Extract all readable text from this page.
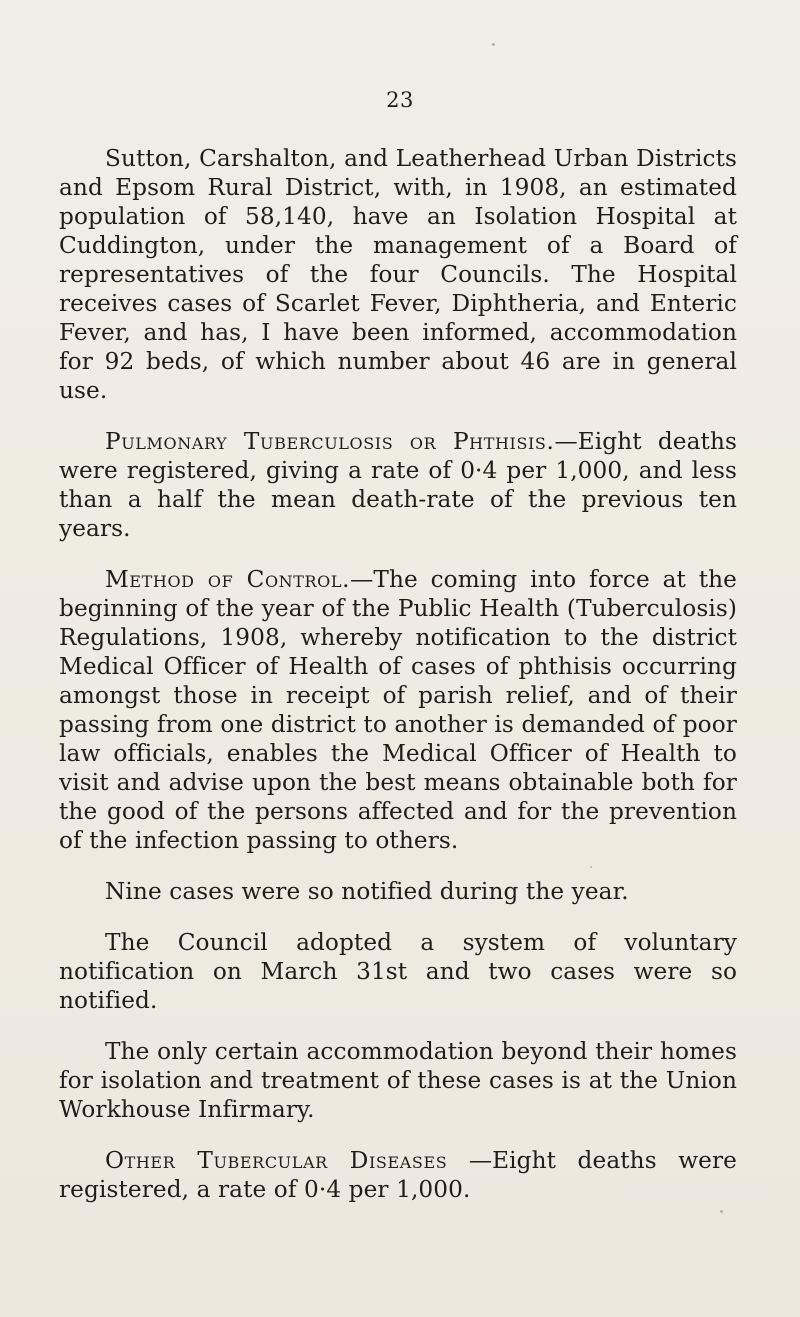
23

Sutton, Carshalton, and Leatherhead Urban Districts and Epsom Rural District, with, in 1908, an estimated population of 58,140, have an Isolation Hospital at Cuddington, under the management of a Board of representatives of the four Councils. The Hospital receives cases of Scarlet Fever, Diphtheria, and Enteric Fever, and has, I have been informed, accommodation for 92 beds, of which number about 46 are in general use.

Pulmonary Tuberculosis or Phthisis.—Eight deaths were registered, giving a rate of 0·4 per 1,000, and less than a half the mean death-rate of the previous ten years.

Method of Control.—The coming into force at the beginning of the year of the Public Health (Tuberculosis) Regulations, 1908, whereby notification to the district Medical Officer of Health of cases of phthisis occurring amongst those in receipt of parish relief, and of their passing from one district to another is demanded of poor law officials, enables the Medical Officer of Health to visit and advise upon the best means obtainable both for the good of the persons affected and for the prevention of the infection passing to others.

Nine cases were so notified during the year.

The Council adopted a system of voluntary notification on March 31st and two cases were so notified.

The only certain accommodation beyond their homes for isolation and treatment of these cases is at the Union Workhouse Infirmary.

Other Tubercular Diseases —Eight deaths were registered, a rate of 0·4 per 1,000.
